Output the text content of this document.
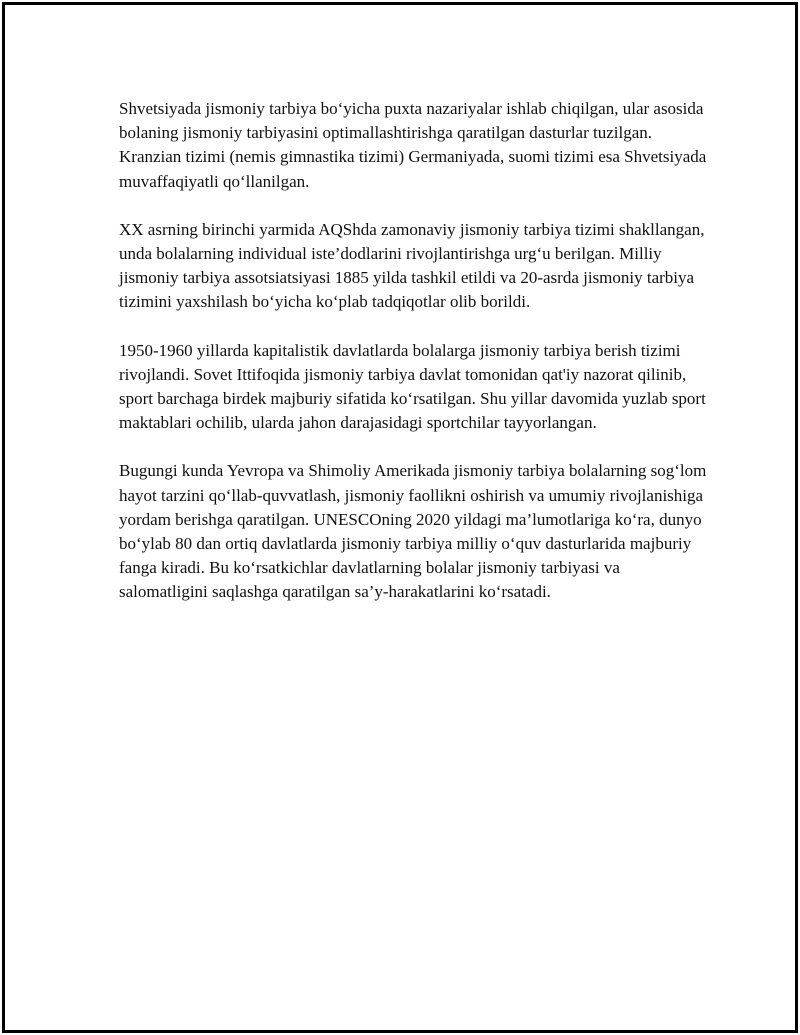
Shvetsiyada jismoniy tarbiya bo‘yicha puxta nazariyalar ishlab chiqilgan, ular asosida bolaning jismoniy tarbiyasini optimallashtirishga qaratilgan dasturlar tuzilgan. Kranzian tizimi (nemis gimnastika tizimi) Germaniyada, suomi tizimi esa Shvetsiyada muvaffaqiyatli qo‘llanilgan.

XX asrning birinchi yarmida AQShda zamonaviy jismoniy tarbiya tizimi shakllangan, unda bolalarning individual iste’dodlarini rivojlantirishga urg‘u berilgan. Milliy jismoniy tarbiya assotsiatsiyasi 1885 yilda tashkil etildi va 20-asrda jismoniy tarbiya tizimini yaxshilash bo‘yicha ko‘plab tadqiqotlar olib borildi.

1950-1960 yillarda kapitalistik davlatlarda bolalarga jismoniy tarbiya berish tizimi rivojlandi. Sovet Ittifoqida jismoniy tarbiya davlat tomonidan qat'iy nazorat qilinib, sport barchaga birdek majburiy sifatida ko‘rsatilgan. Shu yillar davomida yuzlab sport maktablari ochilib, ularda jahon darajasidagi sportchilar tayyorlangan.

Bugungi kunda Yevropa va Shimoliy Amerikada jismoniy tarbiya bolalarning sog‘lom hayot tarzini qo‘llab-quvvatlash, jismoniy faollikni oshirish va umumiy rivojlanishiga yordam berishga qaratilgan. UNESCOning 2020 yildagi ma’lumotlariga ko‘ra, dunyo bo‘ylab 80 dan ortiq davlatlarda jismoniy tarbiya milliy o‘quv dasturlarida majburiy fanga kiradi. Bu ko‘rsatkichlar davlatlarning bolalar jismoniy tarbiyasi va salomatligini saqlashga qaratilgan sa’y-harakatlarini ko‘rsatadi.
